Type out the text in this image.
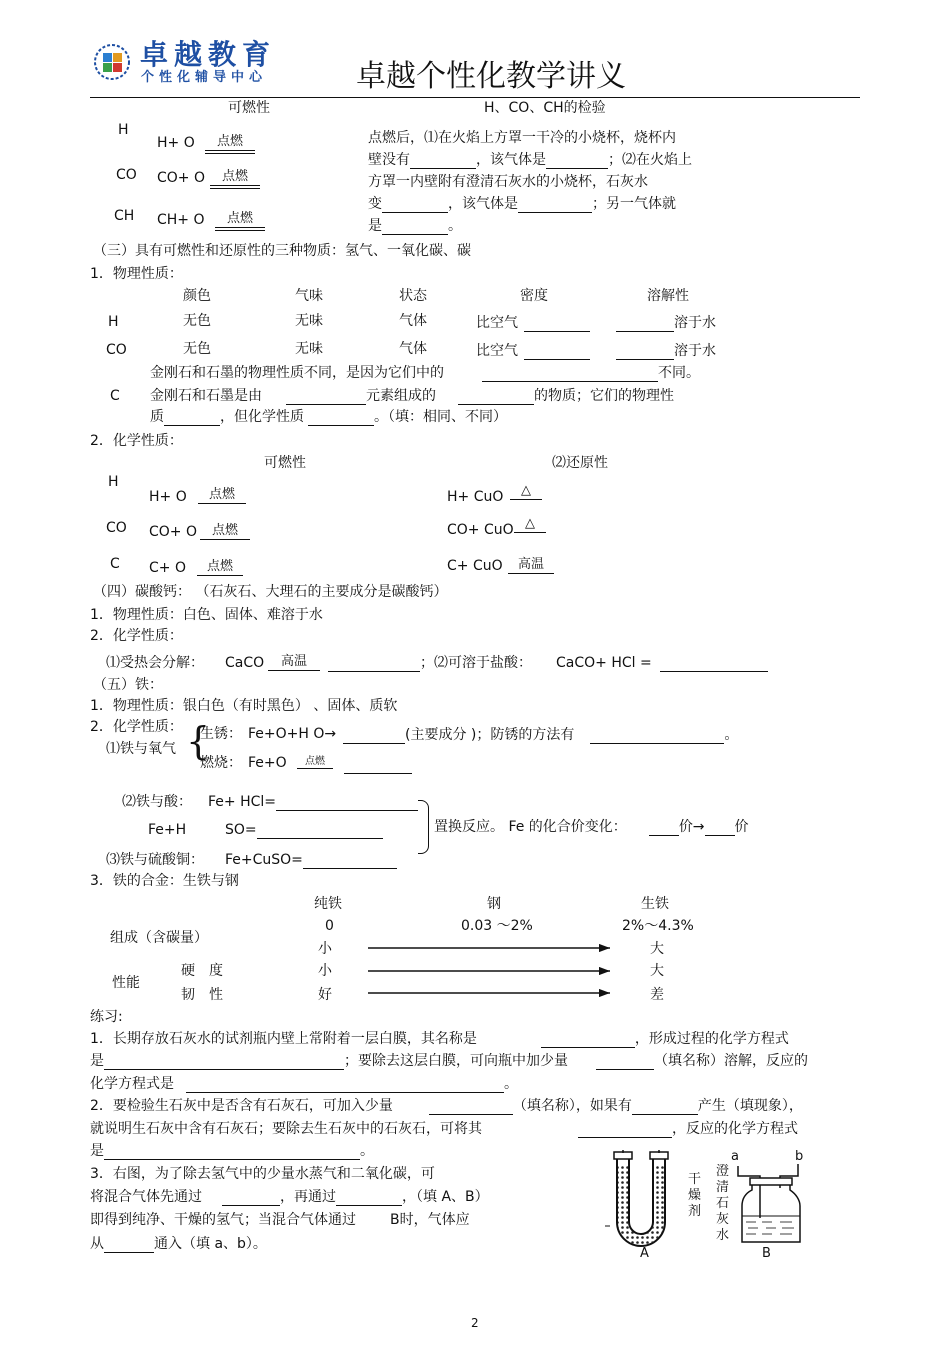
卓越教育
个性化辅导中心	卓越个性化教学讲义
可燃性	H、CO、CH的检验
H
H+ O	点燃
CO CO+ O	点燃
CH CH+ O	点燃
点燃后，⑴在火焰上方罩一干冷的小烧杯，烧杯内
壁没有	，该气体是	；⑵在火焰上
方罩一内壁附有澄清石灰水的小烧杯，石灰水
变	，该气体是	；另一气体就
是	。
（三）具有可燃性和还原性的三种物质：氢气、一氧化碳、碳
1．物理性质：
颜色	气味	状态	密度	溶解性
H	无色	无味	气体	比空气	溶于水
CO	无色	无味	气体	比空气	溶于水
C
金刚石和石墨的物理性质不同，是因为它们中的	不同。
金刚石和石墨是由	元素组成的	的物质；它们的物理性
质	，但化学性质	。（填：相同、不同）
2．化学性质：
可燃性	⑵还原性
H
H+ O	点燃	H+ CuO	△
CO CO+ O	点燃	CO+ CuO △
C C+ O	点燃	C+ CuO	高温
（四）碳酸钙： （石灰石、大理石的主要成分是碳酸钙）
1．物理性质：白色、固体、难溶于水
2．化学性质：
⑴受热会分解： CaCO	高温	；⑵可溶于盐酸： CaCO+ HCl =
（五）铁：
1．物理性质：银白色（有时黑色） 、固体、质软
2．化学性质：
⑴铁与氧气 {
生锈： Fe+O+H O→	(主要成分 )；防锈的方法有	。
燃烧： Fe+O	点燃
⑵铁与酸： Fe+ HCl=
Fe+H	SO=	置换反应。 Fe 的化合价变化：	价→ 价
⑶铁与硫酸铜： Fe+CuSO=
3．铁的合金：生铁与钢
纯铁	钢	生铁
组成（含碳量）
0	0.03 ～2%	2%～4.3%
小	大
性能
硬　度	小	大
韧　性	好	差
练习:
1．长期存放石灰水的试剂瓶内壁上常附着一层白膜，其名称是	，形成过程的化学方程式
是	；要除去这层白膜，可向瓶中加少量	（填名称）溶解，反应的
化学方程式是	。
2．要检验生石灰中是否含有石灰石，可加入少量	（填名称），如果有	产生（填现象），
就说明生石灰中含有石灰石；要除去生石灰中的石灰石，可将其	，反应的化学方程式
是	。
3．右图，为了除去氢气中的少量水蒸气和二氧化碳，可
将混合气体先通过	，再通过	，（填 A、B）
即得到纯净、干燥的氢气；当混合气体通过 B时，气体应
从	通入（填 a、b）。
干
燥
剂
A
澄
清
石
灰
水
a	b
B
2
